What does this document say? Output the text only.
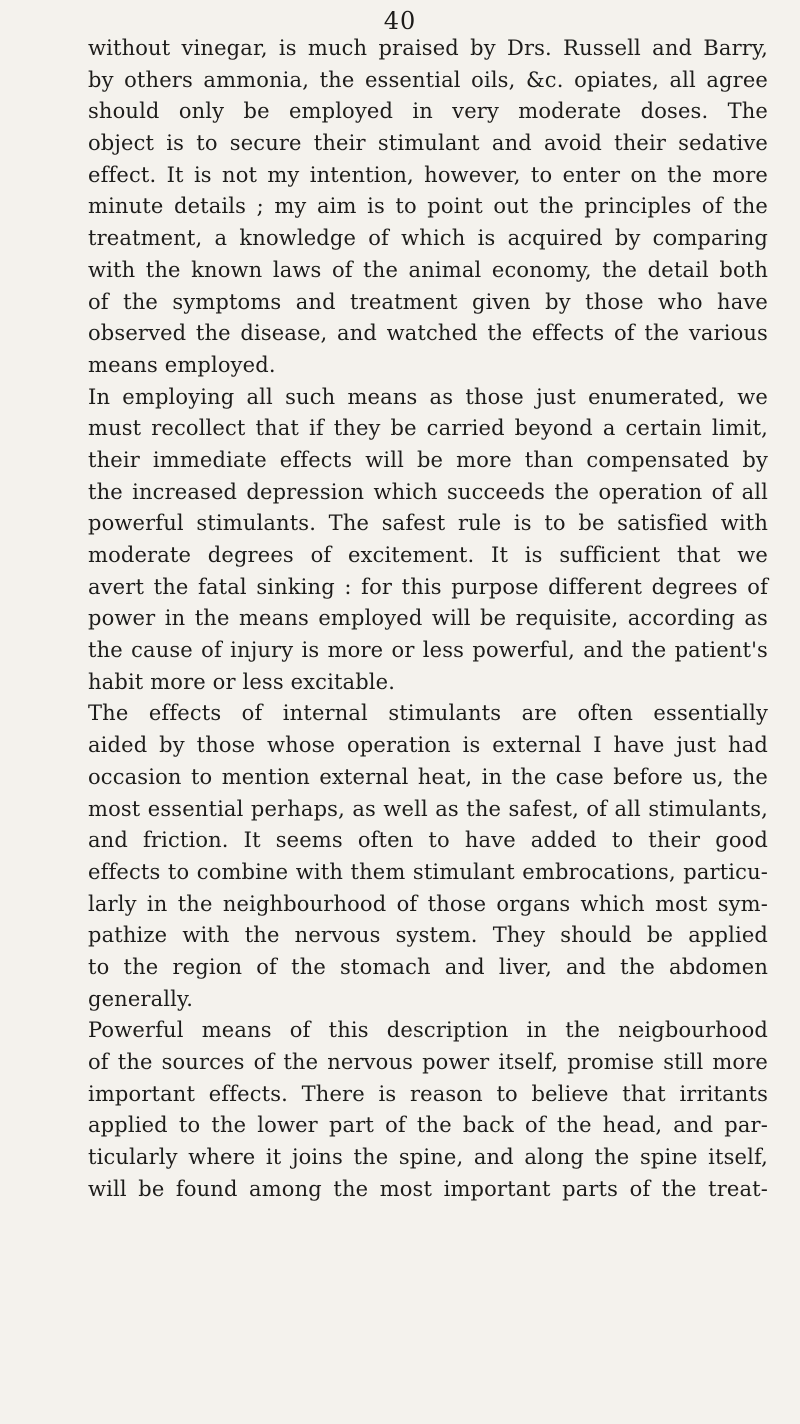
40
without vinegar, is much praised by Drs. Russell and Barry,
by others ammonia, the essential oils, &c. opiates, all agree
should only be employed in very moderate doses. The
object is to secure their stimulant and avoid their sedative
effect. It is not my intention, however, to enter on the more
minute details ; my aim is to point out the principles of the
treatment, a knowledge of which is acquired by comparing
with the known laws of the animal economy, the detail both
of the symptoms and treatment given by those who have
observed the disease, and watched the effects of the various
means employed.
In employing all such means as those just enumerated, we
must recollect that if they be carried beyond a certain limit,
their immediate effects will be more than compensated by
the increased depression which succeeds the operation of all
powerful stimulants. The safest rule is to be satisfied with
moderate degrees of excitement. It is sufficient that we
avert the fatal sinking : for this purpose different degrees of
power in the means employed will be requisite, according as
the cause of injury is more or less powerful, and the patient's
habit more or less excitable.
The effects of internal stimulants are often essentially
aided by those whose operation is external I have just had
occasion to mention external heat, in the case before us, the
most essential perhaps, as well as the safest, of all stimulants,
and friction. It seems often to have added to their good
effects to combine with them stimulant embrocations, particu-
larly in the neighbourhood of those organs which most sym-
pathize with the nervous system. They should be applied
to the region of the stomach and liver, and the abdomen
generally.
Powerful means of this description in the neigbourhood
of the sources of the nervous power itself, promise still more
important effects. There is reason to believe that irritants
applied to the lower part of the back of the head, and par-
ticularly where it joins the spine, and along the spine itself,
will be found among the most important parts of the treat-
